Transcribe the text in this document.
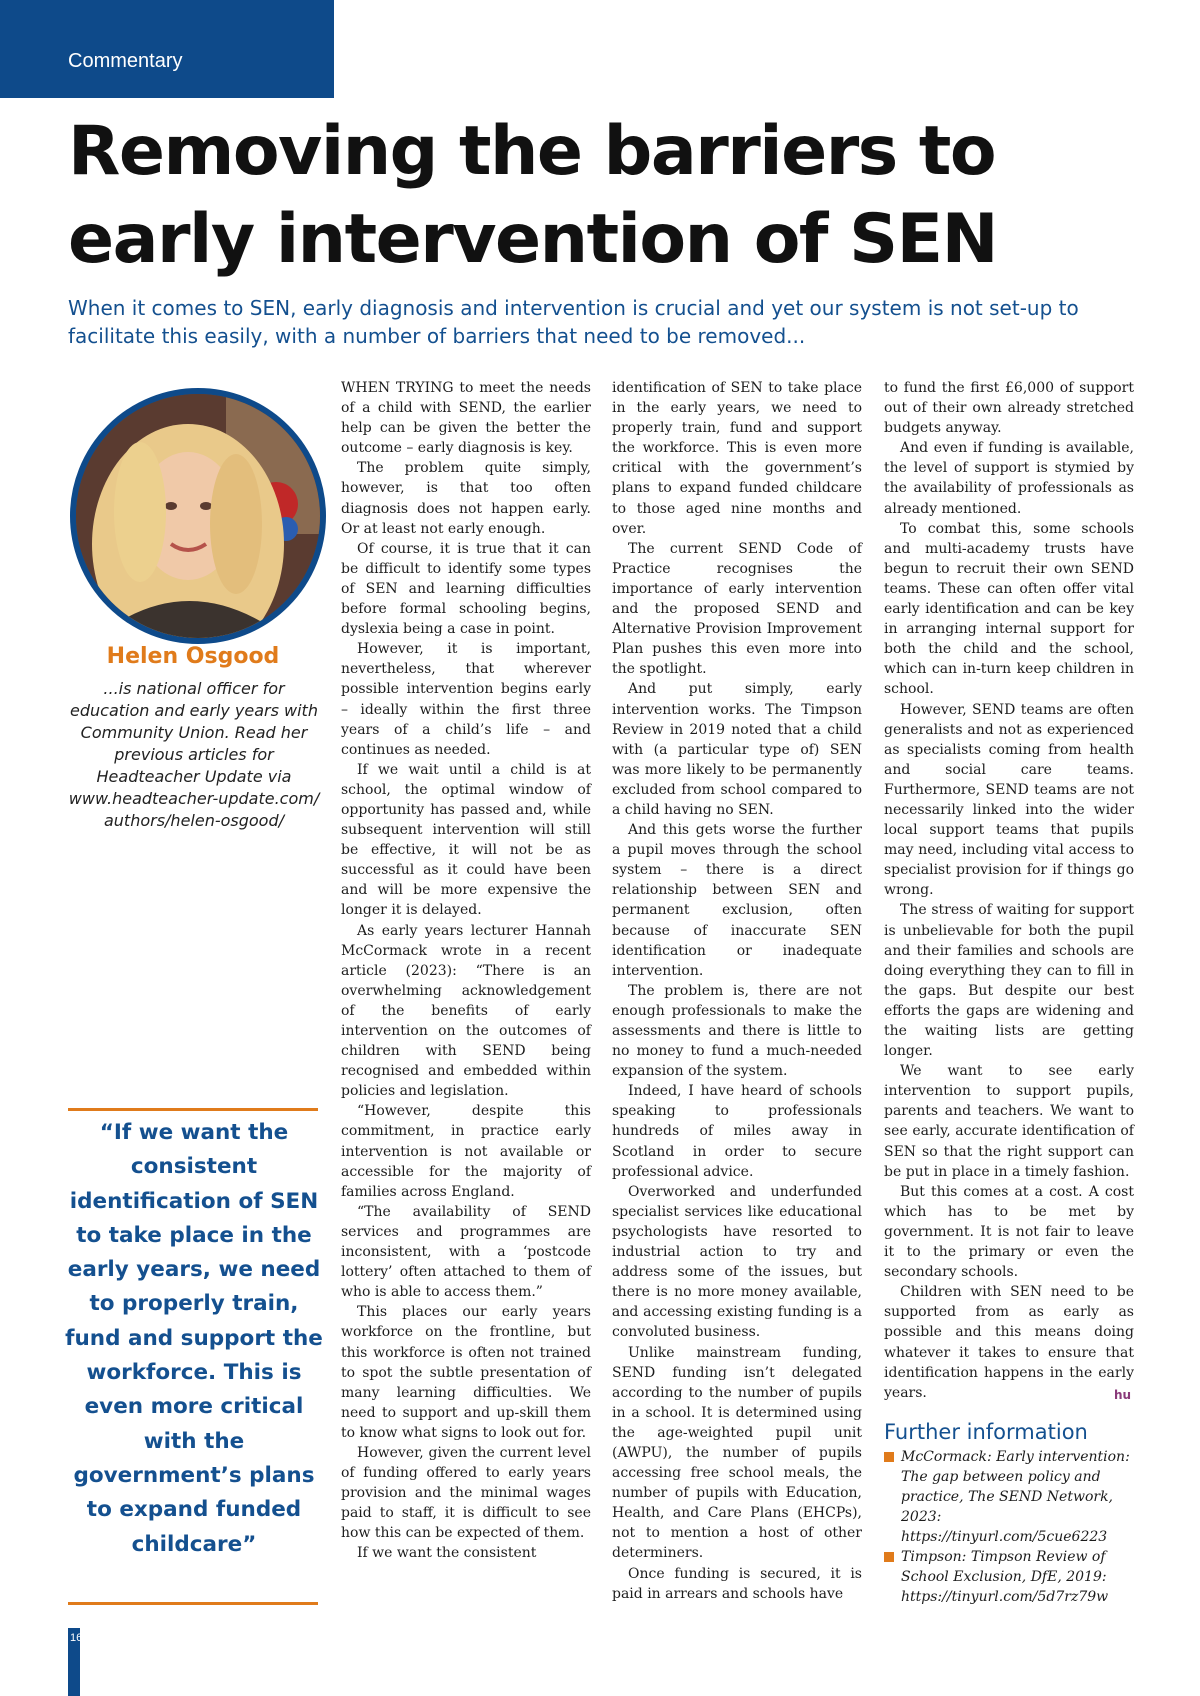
Commentary
Removing the barriers to early intervention of SEN

When it comes to SEN, early diagnosis and intervention is crucial and yet our system is not set-up to facilitate this easily, with a number of barriers that need to be removed...

Helen Osgood
...is national officer for education and early years with Community Union. Read her previous articles for Headteacher Update via www.headteacher-update.com/ authors/helen-osgood/

“If we want the consistent identification of SEN to take place in the early years, we need to properly train, fund and support the workforce. This is even more critical with the government’s plans to expand funded childcare”

WHEN TRYING to meet the needs of a child with SEND, the earlier help can be given the better the outcome – early diagnosis is key.

The problem quite simply, however, is that too often diagnosis does not happen early. Or at least not early enough.

Of course, it is true that it can be difficult to identify some types of SEN and learning difficulties before formal schooling begins, dyslexia being a case in point.

However, it is important, nevertheless, that wherever possible intervention begins early – ideally within the first three years of a child’s life – and continues as needed.

If we wait until a child is at school, the optimal window of opportunity has passed and, while subsequent intervention will still be effective, it will not be as successful as it could have been and will be more expensive the longer it is delayed.

As early years lecturer Hannah McCormack wrote in a recent article (2023): “There is an overwhelming acknowledgement of the benefits of early intervention on the outcomes of children with SEND being recognised and embedded within policies and legislation.

“However, despite this commitment, in practice early intervention is not available or accessible for the majority of families across England.

“The availability of SEND services and programmes are inconsistent, with a ‘postcode lottery’ often attached to them of who is able to access them.”

This places our early years workforce on the frontline, but this workforce is often not trained to spot the subtle presentation of many learning difficulties. We need to support and up-skill them to know what signs to look out for.

However, given the current level of funding offered to early years provision and the minimal wages paid to staff, it is difficult to see how this can be expected of them.

If we want the consistent

identification of SEN to take place in the early years, we need to properly train, fund and support the workforce. This is even more critical with the government’s plans to expand funded childcare to those aged nine months and over.

The current SEND Code of Practice recognises the importance of early intervention and the proposed SEND and Alternative Provision Improvement Plan pushes this even more into the spotlight.

And put simply, early intervention works. The Timpson Review in 2019 noted that a child with (a particular type of) SEN was more likely to be permanently excluded from school compared to a child having no SEN.

And this gets worse the further a pupil moves through the school system – there is a direct relationship between SEN and permanent exclusion, often because of inaccurate SEN identification or inadequate intervention.

The problem is, there are not enough professionals to make the assessments and there is little to no money to fund a much-needed expansion of the system.

Indeed, I have heard of schools speaking to professionals hundreds of miles away in Scotland in order to secure professional advice.

Overworked and underfunded specialist services like educational psychologists have resorted to industrial action to try and address some of the issues, but there is no more money available, and accessing existing funding is a convoluted business.

Unlike mainstream funding, SEND funding isn’t delegated according to the number of pupils in a school. It is determined using the age-weighted pupil unit (AWPU), the number of pupils accessing free school meals, the number of pupils with Education, Health, and Care Plans (EHCPs), not to mention a host of other determiners.

Once funding is secured, it is paid in arrears and schools have

to fund the first £6,000 of support out of their own already stretched budgets anyway.

And even if funding is available, the level of support is stymied by the availability of professionals as already mentioned.

To combat this, some schools and multi-academy trusts have begun to recruit their own SEND teams. These can often offer vital early identification and can be key in arranging internal support for both the child and the school, which can in-turn keep children in school.

However, SEND teams are often generalists and not as experienced as specialists coming from health and social care teams. Furthermore, SEND teams are not necessarily linked into the wider local support teams that pupils may need, including vital access to specialist provision for if things go wrong.

The stress of waiting for support is unbelievable for both the pupil and their families and schools are doing everything they can to fill in the gaps. But despite our best efforts the gaps are widening and the waiting lists are getting longer.

We want to see early intervention to support pupils, parents and teachers. We want to see early, accurate identification of SEN so that the right support can be put in place in a timely fashion.

But this comes at a cost. A cost which has to be met by government. It is not fair to leave it to the primary or even the secondary schools.

Children with SEN need to be supported from as early as possible and this means doing whatever it takes to ensure that identification happens in the early years.

Further information
McCormack: Early intervention: The gap between policy and practice, The SEND Network, 2023: https://tinyurl.com/5cue6223
Timpson: Timpson Review of School Exclusion, DfE, 2019: https://tinyurl.com/5d7rz79w
hu
16
